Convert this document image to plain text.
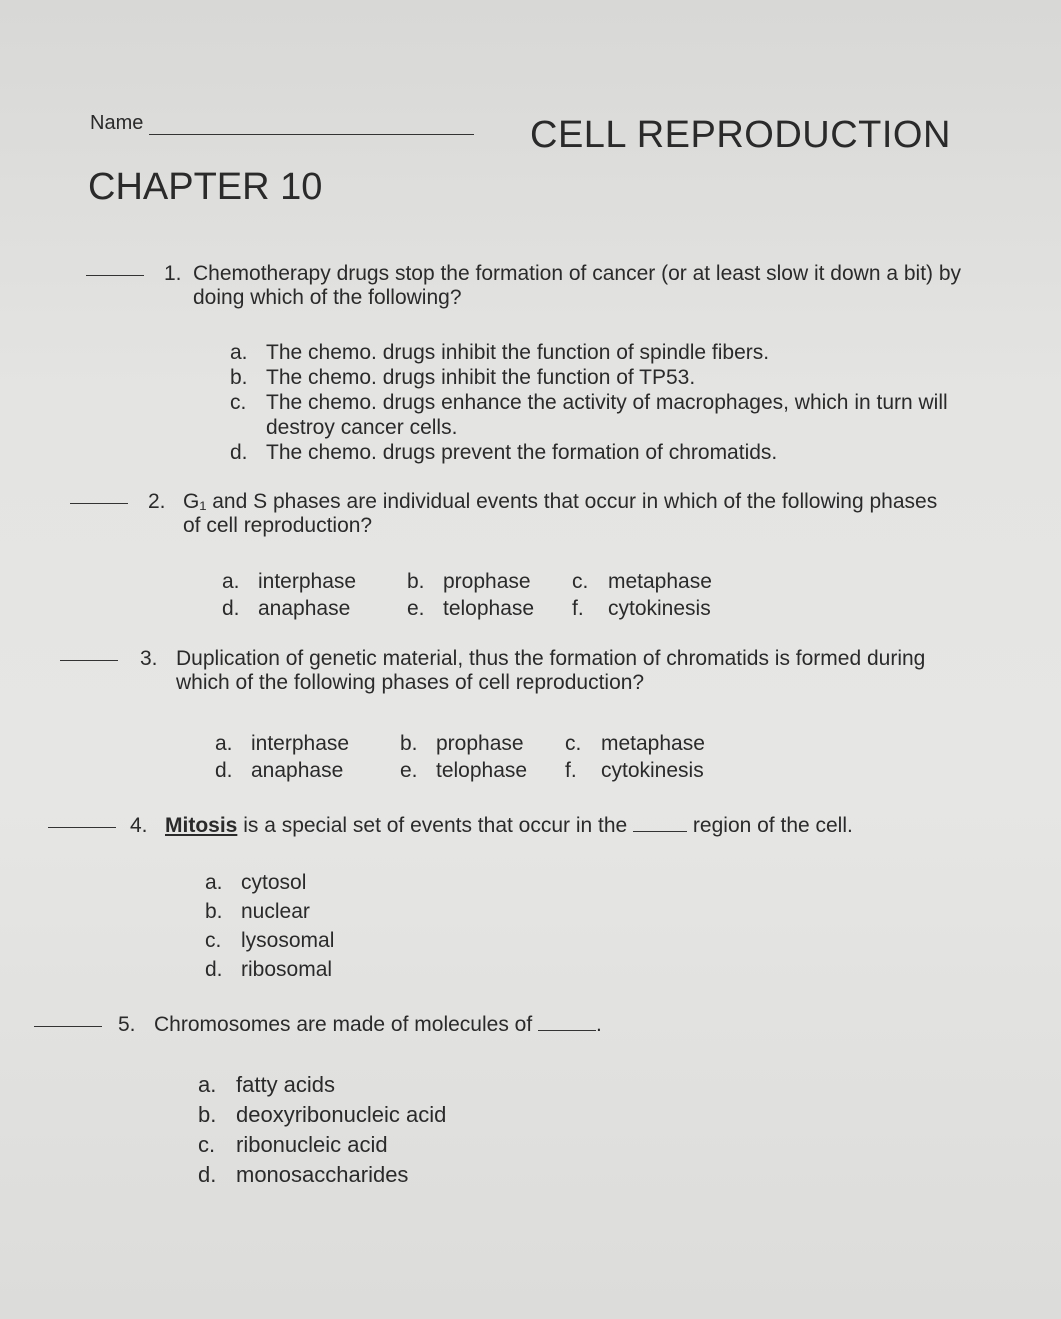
Name	CELL REPRODUCTION
CHAPTER 10
1. Chemotherapy drugs stop the formation of cancer (or at least slow it down a bit) by doing which of the following?
a. The chemo. drugs inhibit the function of spindle fibers.
b. The chemo. drugs inhibit the function of TP53.
c. The chemo. drugs enhance the activity of macrophages, which in turn will destroy cancer cells.
d. The chemo. drugs prevent the formation of chromatids.
2. G₁ and S phases are individual events that occur in which of the following phases of cell reproduction?
a. interphase b. prophase c. metaphase
d. anaphase	e. telophase f.	cytokinesis
3. Duplication of genetic material, thus the formation of chromatids is formed during which of the following phases of cell reproduction?
a. interphase b. prophase c. metaphase
d. anaphase	e. telophase f.	cytokinesis
4. Mitosis is a special set of events that occur in the	region of the cell.
a. cytosol
b. nuclear
c. lysosomal
d. ribosomal
5. Chromosomes are made of molecules of	.
a. fatty acids
b. deoxyribonucleic acid
c. ribonucleic acid
d. monosaccharides
